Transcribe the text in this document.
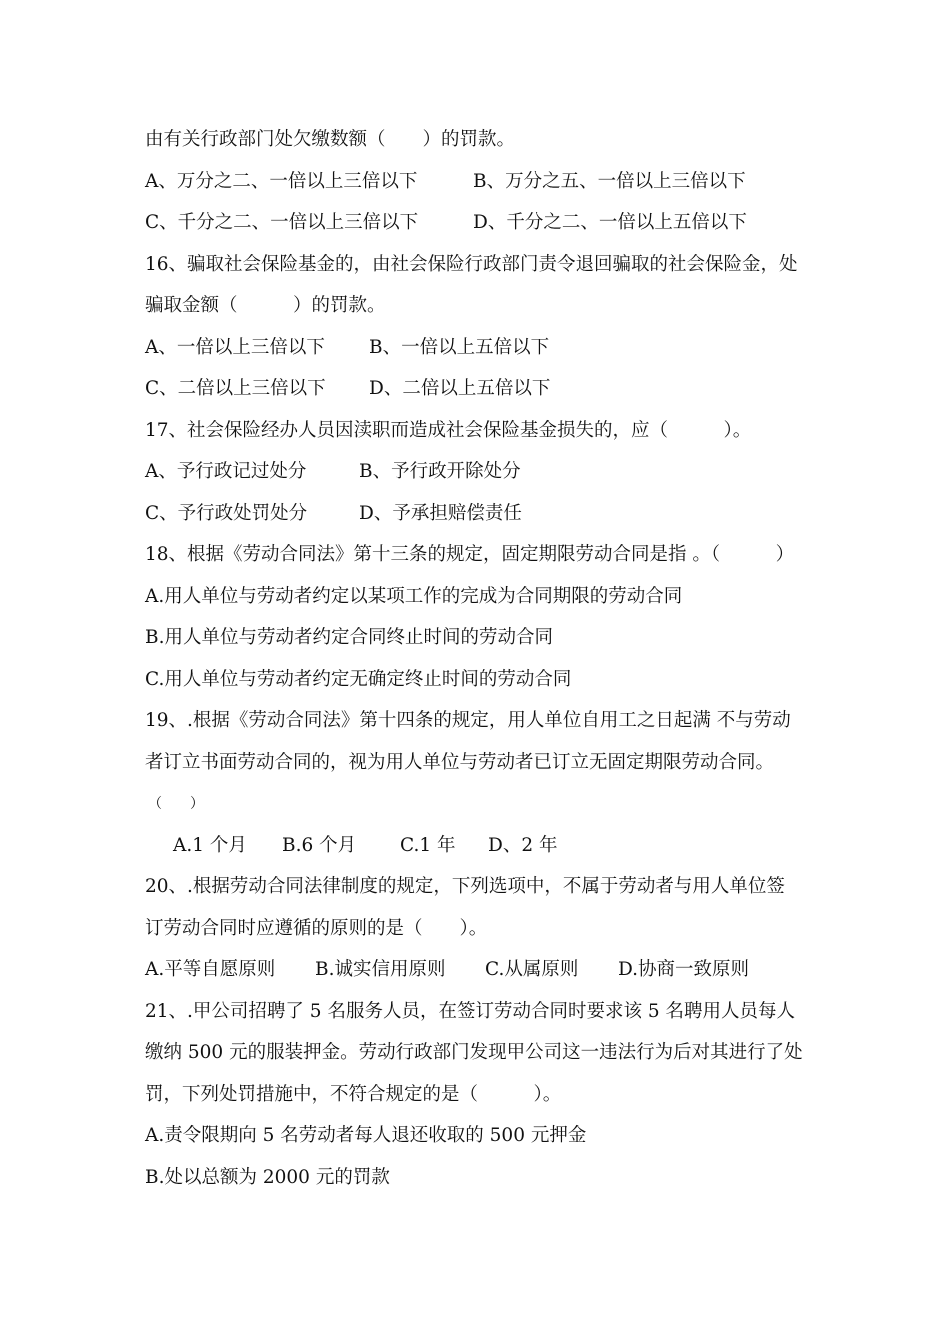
由有关行政部门处欠缴数额（　　）的罚款。
A、万分之二、一倍以上三倍以下	B、万分之五、一倍以上三倍以下
C、千分之二、一倍以上三倍以下	D、千分之二、一倍以上五倍以下
16、骗取社会保险基金的，由社会保险行政部门责令退回骗取的社会保险金，处
骗取金额（　　　）的罚款。
A、一倍以上三倍以下 B、一倍以上五倍以下
C、二倍以上三倍以下 D、二倍以上五倍以下
17、社会保险经办人员因渎职而造成社会保险基金损失的，应（　　　）。
A、予行政记过处分	B、予行政开除处分
C、予行政处罚处分	D、予承担赔偿责任
18、根据《劳动合同法》第十三条的规定，固定期限劳动合同是指 。（　　　）
A.用人单位与劳动者约定以某项工作的完成为合同期限的劳动合同
B.用人单位与劳动者约定合同终止时间的劳动合同
C.用人单位与劳动者约定无确定终止时间的劳动合同
19、.根据《劳动合同法》第十四条的规定，用人单位自用工之日起满 不与劳动
者订立书面劳动合同的，视为用人单位与劳动者已订立无固定期限劳动合同。
（　　）
A.1 个月 B.6 个月 C.1 年 D、2 年
20、.根据劳动合同法律制度的规定，下列选项中，不属于劳动者与用人单位签
订劳动合同时应遵循的原则的是（　　）。
A.平等自愿原则 B.诚实信用原则 C.从属原则 D.协商一致原则
21、.甲公司招聘了 5 名服务人员，在签订劳动合同时要求该 5 名聘用人员每人
缴纳 500 元的服装押金。劳动行政部门发现甲公司这一违法行为后对其进行了处
罚，下列处罚措施中，不符合规定的是（　　　）。
A.责令限期向 5 名劳动者每人退还收取的 500 元押金
B.处以总额为 2000 元的罚款
